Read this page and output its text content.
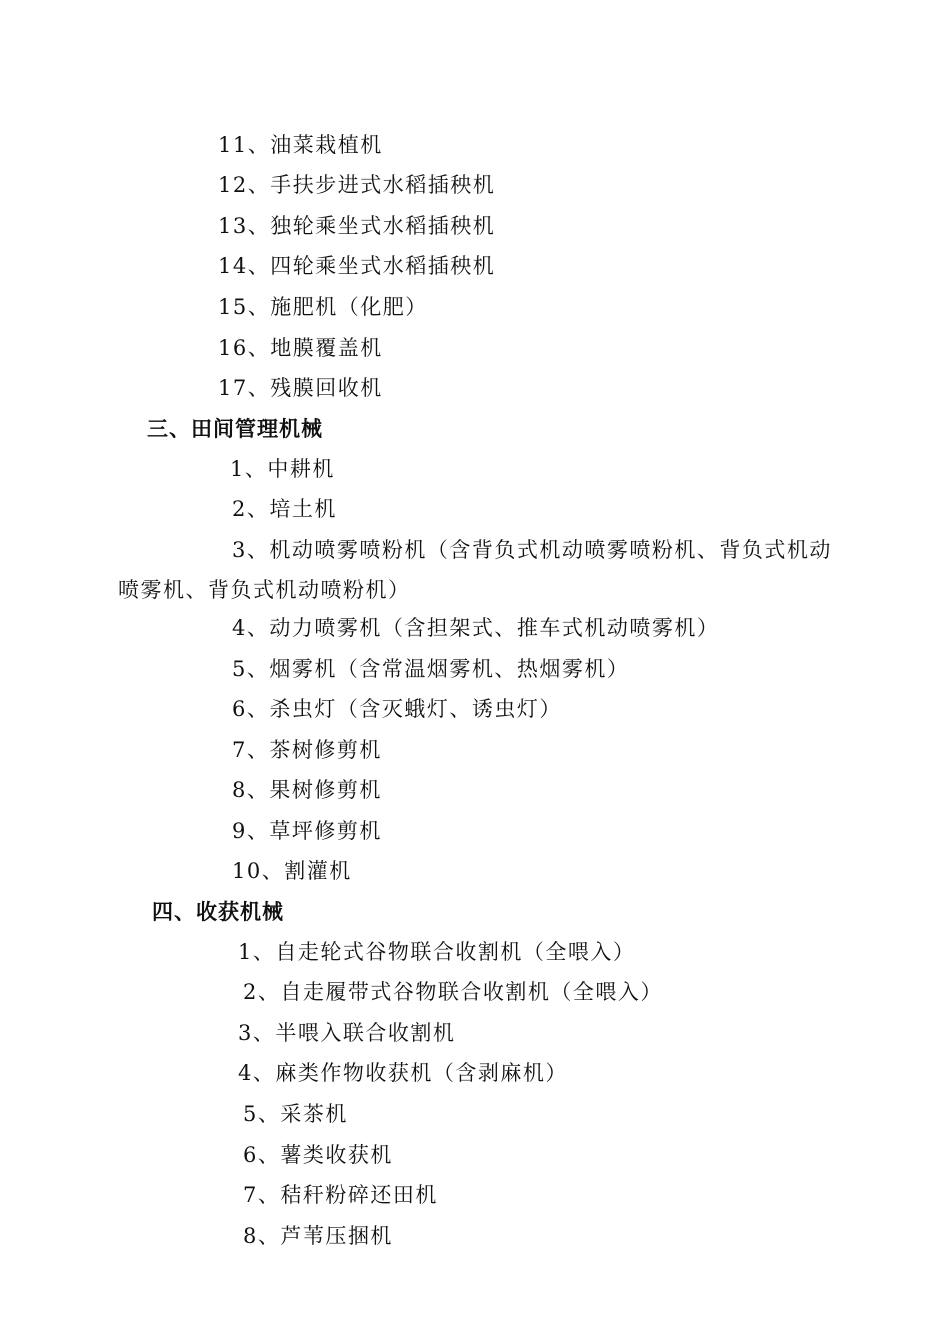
11、油菜栽植机
12、手扶步进式水稻插秧机
13、独轮乘坐式水稻插秧机
14、四轮乘坐式水稻插秧机
15、施肥机（化肥）
16、地膜覆盖机
17、残膜回收机
三、田间管理机械
1、中耕机
2、培土机
3、机动喷雾喷粉机（含背负式机动喷雾喷粉机、背负式机动
喷雾机、背负式机动喷粉机）
4、动力喷雾机（含担架式、推车式机动喷雾机）
5、烟雾机（含常温烟雾机、热烟雾机）
6、杀虫灯（含灭蛾灯、诱虫灯）
7、茶树修剪机
8、果树修剪机
9、草坪修剪机
10、割灌机
四、收获机械
1、自走轮式谷物联合收割机（全喂入）
2、自走履带式谷物联合收割机（全喂入）
3、半喂入联合收割机
4、麻类作物收获机（含剥麻机）
5、采茶机
6、薯类收获机
7、秸秆粉碎还田机
8、芦苇压捆机
